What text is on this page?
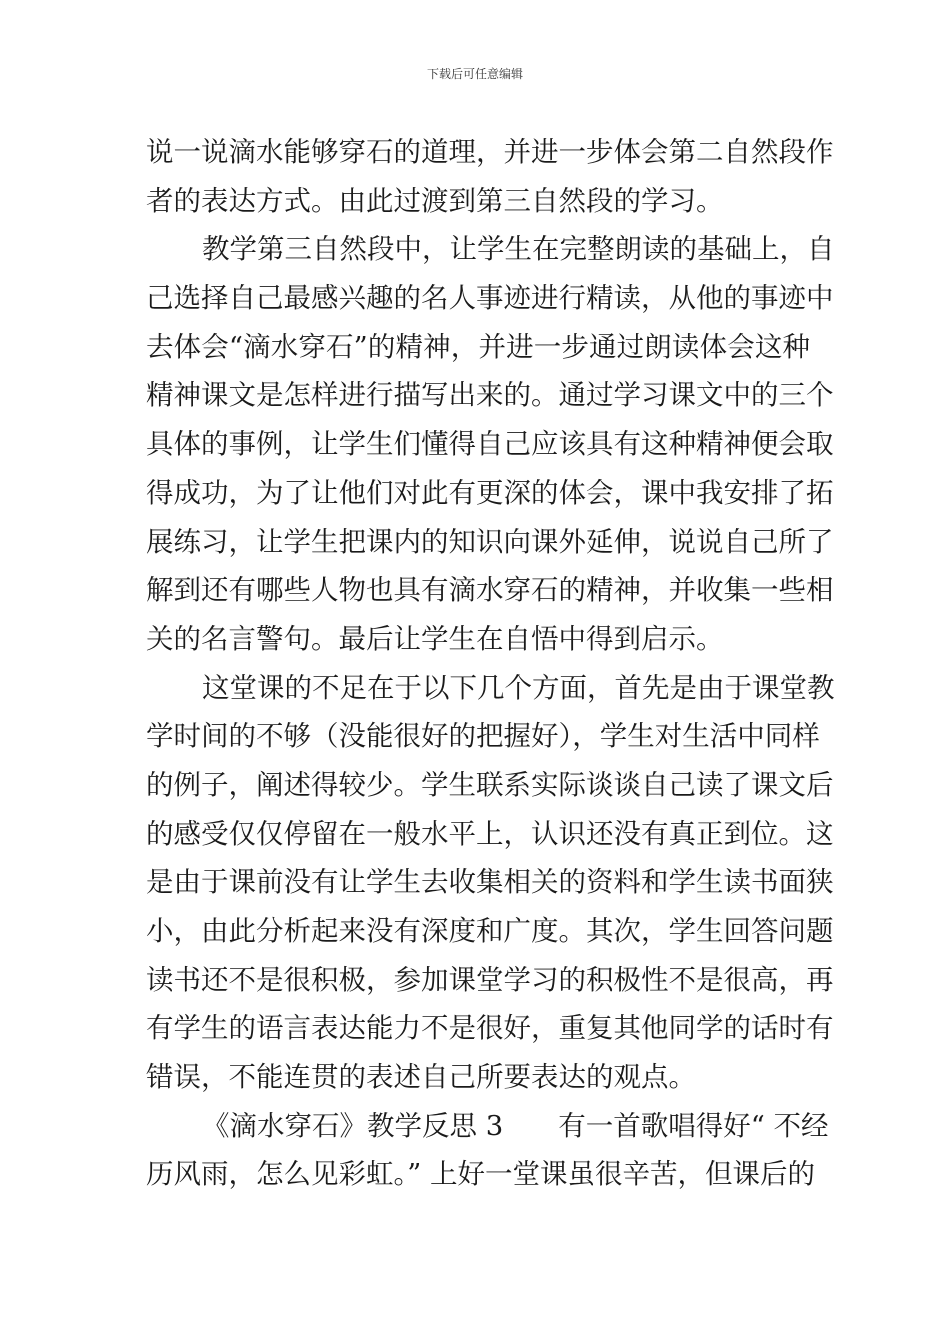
下载后可任意编辑
说一说滴水能够穿石的道理，并进一步体会第二自然段作
者的表达方式。由此过渡到第三自然段的学习。
教学第三自然段中，让学生在完整朗读的基础上，自
己选择自己最感兴趣的名人事迹进行精读，从他的事迹中
去体会“滴水穿石”的精神，并进一步通过朗读体会这种
精神课文是怎样进行描写出来的。通过学习课文中的三个
具体的事例，让学生们懂得自己应该具有这种精神便会取
得成功，为了让他们对此有更深的体会，课中我安排了拓
展练习，让学生把课内的知识向课外延伸，说说自己所了
解到还有哪些人物也具有滴水穿石的精神，并收集一些相
关的名言警句。最后让学生在自悟中得到启示。
这堂课的不足在于以下几个方面，首先是由于课堂教
学时间的不够（没能很好的把握好），学生对生活中同样
的例子，阐述得较少。学生联系实际谈谈自己读了课文后
的感受仅仅停留在一般水平上，认识还没有真正到位。这
是由于课前没有让学生去收集相关的资料和学生读书面狭
小，由此分析起来没有深度和广度。其次，学生回答问题
读书还不是很积极，参加课堂学习的积极性不是很高，再
有学生的语言表达能力不是很好，重复其他同学的话时有
错误，不能连贯的表述自己所要表达的观点。
《滴水穿石》教学反思 3　　有一首歌唱得好“ 不经
历风雨，怎么见彩虹。” 上好一堂课虽很辛苦，但课后的
